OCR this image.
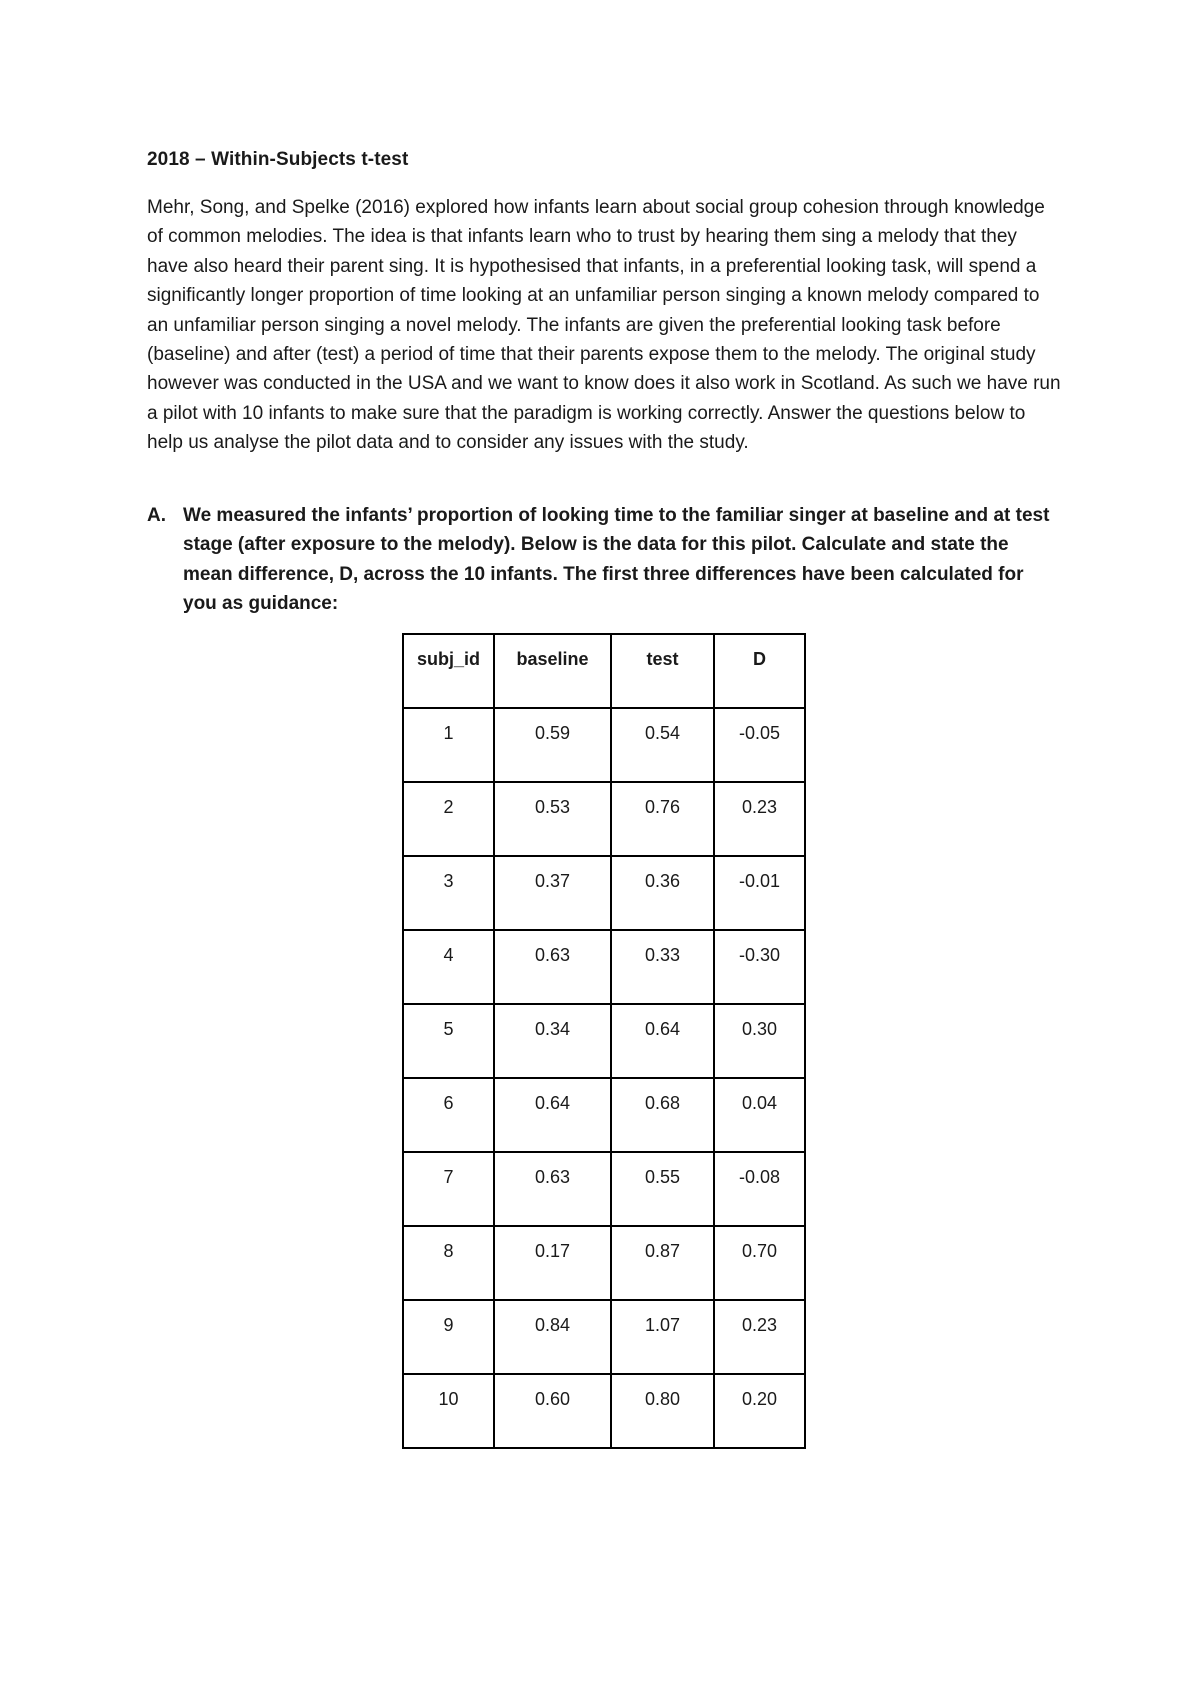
2018 – Within-Subjects t-test

Mehr, Song, and Spelke (2016) explored how infants learn about social group cohesion through knowledge of common melodies. The idea is that infants learn who to trust by hearing them sing a melody that they have also heard their parent sing. It is hypothesised that infants, in a preferential looking task, will spend a significantly longer proportion of time looking at an unfamiliar person singing a known melody compared to an unfamiliar person singing a novel melody. The infants are given the preferential looking task before (baseline) and after (test) a period of time that their parents expose them to the melody. The original study however was conducted in the USA and we want to know does it also work in Scotland. As such we have run a pilot with 10 infants to make sure that the paradigm is working correctly. Answer the questions below to help us analyse the pilot data and to consider any issues with the study.

A. We measured the infants’ proportion of looking time to the familiar singer at baseline and at test stage (after exposure to the melody). Below is the data for this pilot. Calculate and state the mean difference, D, across the 10 infants. The first three differences have been calculated for you as guidance:
subj_id	baseline	test	D
1	0.59	0.54	-0.05
2	0.53	0.76	0.23
3	0.37	0.36	-0.01
4	0.63	0.33	-0.30
5	0.34	0.64	0.30
6	0.64	0.68	0.04
7	0.63	0.55	-0.08
8	0.17	0.87	0.70
9	0.84	1.07	0.23
10	0.60	0.80	0.20
